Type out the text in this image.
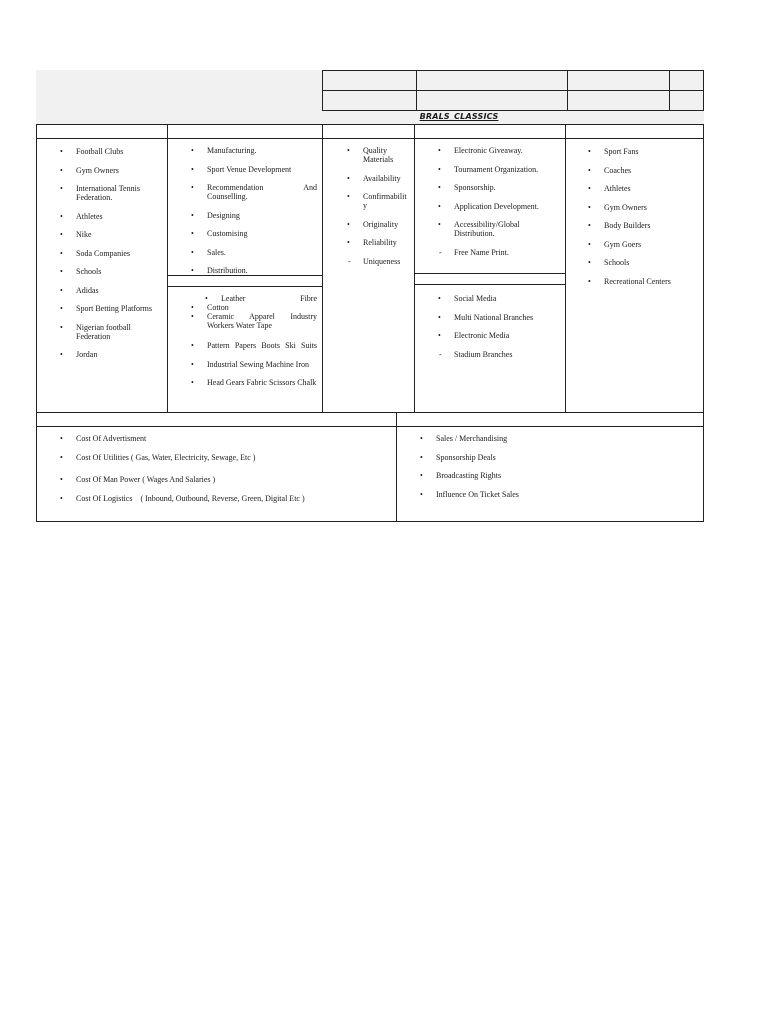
BRALS_CLASSICS
• Football Clubs
• Gym Owners
• International Tennis Federation.
• Athletes
• Nike
• Soda Companies
• Schools
• Adidas
• Sport Betting Platforms
• Nigerian football Federation
• Jordan
• Manufacturing.
• Sport Venue Development
• Recommendation And Counselling.
• Designing
• Customising
• Sales.
• Distribution.
• Leather Fibre
• Cotton
• Ceramic Apparel Industry Workers Water Tape
• Pattern Papers Boots Ski Suits
• Industrial Sewing Machine Iron
• Head Gears Fabric Scissors Chalk
• Quality Materials
• Availability
• Confirmability
• Originality
• Reliability
- Uniqueness
• Electronic Giveaway.
• Tournament Organization.
• Sponsorship.
• Application Development.
• Accessibility/Global Distribution.
- Free Name Print.
• Social Media
• Multi National Branches
• Electronic Media
- Stadium Branches
• Sport Fans
• Coaches
• Athletes
• Gym Owners
• Body Builders
• Gym Goers
• Schools
• Recreational Centers
• Cost Of Advertisment
• Cost Of Utilities ( Gas, Water, Electricity, Sewage, Etc )
• Cost Of Man Power ( Wages And Salaries )
• Cost Of Logistics    ( Inbound, Outbound, Reverse, Green, Digital Etc )
• Sales / Merchandising
• Sponsorship Deals
• Broadcasting Rights
• Influence On Ticket Sales
